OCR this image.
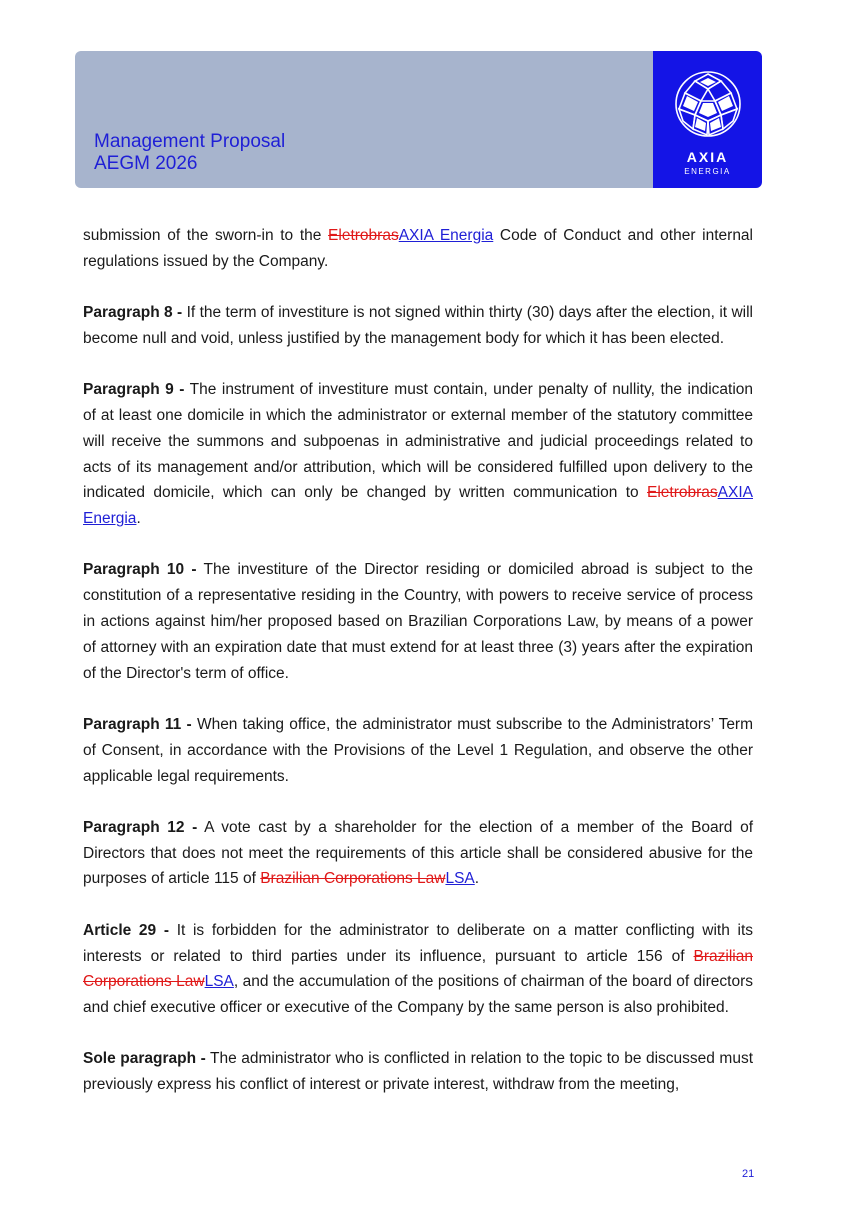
Management Proposal
AEGM 2026	AXIA
ENERGIA

submission of the sworn-in to the EletrobrasAXIA Energia Code of Conduct and other internal regulations issued by the Company.

Paragraph 8 - If the term of investiture is not signed within thirty (30) days after the election, it will become null and void, unless justified by the management body for which it has been elected.

Paragraph 9 - The instrument of investiture must contain, under penalty of nullity, the indication of at least one domicile in which the administrator or external member of the statutory committee will receive the summons and subpoenas in administrative and judicial proceedings related to acts of its management and/or attribution, which will be considered fulfilled upon delivery to the indicated domicile, which can only be changed by written communication to EletrobrasAXIA Energia.

Paragraph 10 - The investiture of the Director residing or domiciled abroad is subject to the constitution of a representative residing in the Country, with powers to receive service of process in actions against him/her proposed based on Brazilian Corporations Law, by means of a power of attorney with an expiration date that must extend for at least three (3) years after the expiration of the Director's term of office.

Paragraph 11 - When taking office, the administrator must subscribe to the Administrators’ Term of Consent, in accordance with the Provisions of the Level 1 Regulation, and observe the other applicable legal requirements.

Paragraph 12 - A vote cast by a shareholder for the election of a member of the Board of Directors that does not meet the requirements of this article shall be considered abusive for the purposes of article 115 of Brazilian Corporations LawLSA.

Article 29 - It is forbidden for the administrator to deliberate on a matter conflicting with its interests or related to third parties under its influence, pursuant to article 156 of Brazilian Corporations LawLSA, and the accumulation of the positions of chairman of the board of directors and chief executive officer or executive of the Company by the same person is also prohibited.

Sole paragraph - The administrator who is conflicted in relation to the topic to be discussed must previously express his conflict of interest or private interest, withdraw from the meeting,

21
